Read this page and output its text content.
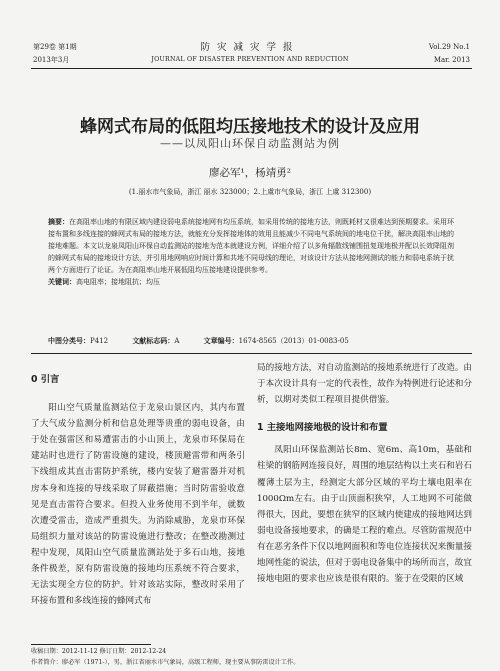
第29卷 第1期
2013年3月
防灾减灾学报
JOURNAL OF DISASTER PREVENTION AND REDUCTION
Vol.29 No.1
Mar. 2013
蜂网式布局的低阻均压接地技术的设计及应用
——以凤阳山环保自动监测站为例
廖必军¹，杨靖勇²
(1.丽水市气象局，浙江 丽水 323000；2.上虞市气象局，浙江 上虞 312300)
摘要：在高阻率山地的有限区域内建设弱电系统接地网有均压系统，如采用传统的接地方法，则既耗材又很难达到预期要求。采用环接布置和多线连接的蜂网式布局的接地方法，就能充分发挥接地体的效用且能减少不同电气系统间的地电位干扰，解决高阻率山地的接地难题。本文以龙泉凤阳山环保自动监测站的接地为范本就建设方例，详细介绍了以多角辐散线铺围扭复现地极并配以长效降阻剂的蜂网式布局的接地设计方法，并引用地网响应时间计算和共地不同母线的理论，对该设计方法从接地网测试的能力和弱电系统于扰两个方面进行了论证。为在高阻率山地开展低阻均压接地建设提供参考。
关键词：高电阻率；接地阻抗；均压
中图分类号：P412	文献标志码：A	文章编号：1674-8565（2013）01-0083-05

0 引言

阳山空气质量监测站位于龙泉山景区内，其内布置了大气成分监测分析和信息处理等贵重的弱电设备，由于处在强雷区和易遭雷击的小山顶上，龙泉市环保局在建站时也进行了防雷设施的建设，楼顶避雷带和两条引下线组成其直击雷防护系统，楼内安装了避雷器并对机房本身和连接的导线采取了屏蔽措施；当时防雷验收意见是直击雷符合要求。但投入业务使用不到半年，就数次遭受雷击，造成严重损失。为消除威胁，龙泉市环保局组织力量对该站的防雷设施进行整改；在整改勘测过程中发现，凤阳山空气质量监测站处于多石山地，接地条件极差，原有防雷设施的接地均压系统不符合要求，无法实现全方位的防护。针对该站实际，整改时采用了环接布置和多线连接的蜂网式布

局的接地方法，对自动监测站的接地系统进行了改造。由于本次设计具有一定的代表性，故作为特例进行论述和分析，以期对类似工程项目提供借鉴。

1 主接地网接地极的设计和布置

凤阳山环保监测站长8m、宽6m、高10m，基础和柱梁的钢筋网连接良好，周围的地层结构以土夹石和岩石覆薄土层为主，经测定大部分区域的平均土壤电阻率在1000Ωm左右。由于山顶面积狭窄，人工地网不可能做得很大，因此，要想在狭窄的区域内使建成的接地网达到弱电设备接地要求，的确是工程的难点。尽管防雷规范中有在恶劣条件下仅以地网面积和等电位连接状况来衡量接地网性能的说法，但对于弱电设备集中的场所而言，故宜接地电阻的要求也应该是很有限的。鉴于在受限的区域

收稿日期：2012-11-12 修订日期：2012-12-24
作者简介：廖必军（1971-），男，浙江省丽水市气象局，高级工程师，现主要从事防雷设计工作。
